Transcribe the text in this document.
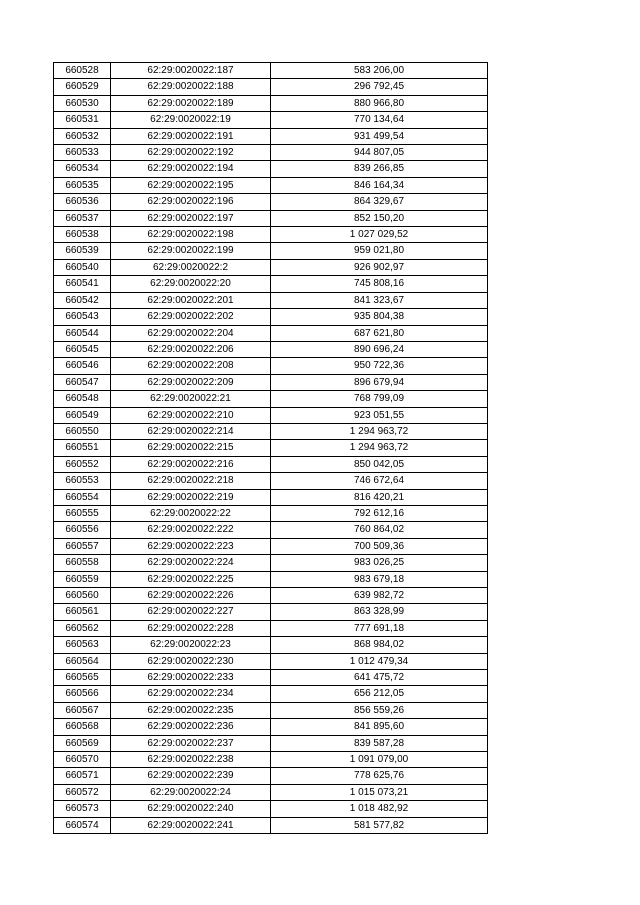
660528	62:29:0020022:187	583 206,00
660529	62:29:0020022:188	296 792,45
660530	62:29:0020022:189	880 966,80
660531	62:29:0020022:19	770 134,64
660532	62:29:0020022:191	931 499,54
660533	62:29:0020022:192	944 807,05
660534	62:29:0020022:194	839 266,85
660535	62:29:0020022:195	846 164,34
660536	62:29:0020022:196	864 329,67
660537	62:29:0020022:197	852 150,20
660538	62:29:0020022:198	1 027 029,52
660539	62:29:0020022:199	959 021,80
660540	62:29:0020022:2	926 902,97
660541	62:29:0020022:20	745 808,16
660542	62:29:0020022:201	841 323,67
660543	62:29:0020022:202	935 804,38
660544	62:29:0020022:204	687 621,80
660545	62:29:0020022:206	890 696,24
660546	62:29:0020022:208	950 722,36
660547	62:29:0020022:209	896 679,94
660548	62:29:0020022:21	768 799,09
660549	62:29:0020022:210	923 051,55
660550	62:29:0020022:214	1 294 963,72
660551	62:29:0020022:215	1 294 963,72
660552	62:29:0020022:216	850 042,05
660553	62:29:0020022:218	746 672,64
660554	62:29:0020022:219	816 420,21
660555	62:29:0020022:22	792 612,16
660556	62:29:0020022:222	760 864,02
660557	62:29:0020022:223	700 509,36
660558	62:29:0020022:224	983 026,25
660559	62:29:0020022:225	983 679,18
660560	62:29:0020022:226	639 982,72
660561	62:29:0020022:227	863 328,99
660562	62:29:0020022:228	777 691,18
660563	62:29:0020022:23	868 984,02
660564	62:29:0020022:230	1 012 479,34
660565	62:29:0020022:233	641 475,72
660566	62:29:0020022:234	656 212,05
660567	62:29:0020022:235	856 559,26
660568	62:29:0020022:236	841 895,60
660569	62:29:0020022:237	839 587,28
660570	62:29:0020022:238	1 091 079,00
660571	62:29:0020022:239	778 625,76
660572	62:29:0020022:24	1 015 073,21
660573	62:29:0020022:240	1 018 482,92
660574	62:29:0020022:241	581 577,82
